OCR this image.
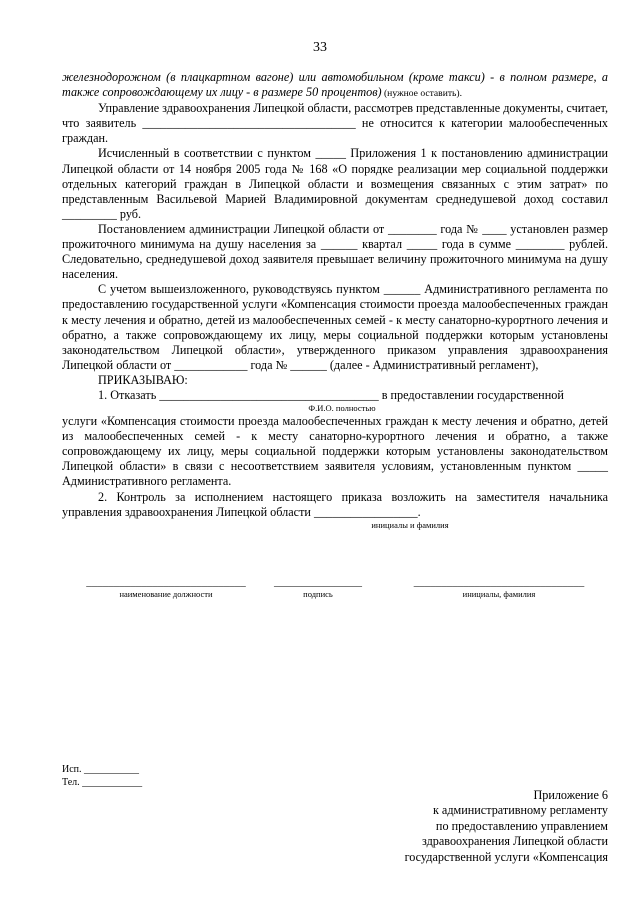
33

железнодорожном (в плацкартном вагоне) или автомобильном (кроме такси) - в полном размере, а также сопровождающему их лицу - в размере 50 процентов) (нужное оставить).

Управление здравоохранения Липецкой области, рассмотрев представленные документы, считает, что заявитель ___________________________________ не относится к категории малообеспеченных граждан.

Исчисленный в соответствии с пунктом _____ Приложения 1 к постановлению администрации Липецкой области от 14 ноября 2005 года № 168 «О порядке реализации мер социальной поддержки отдельных категорий граждан в Липецкой области и возмещения связанных с этим затрат» по представленным Васильевой Марией Владимировной документам среднедушевой доход составил _________ руб.

Постановлением администрации Липецкой области от ________ года № ____ установлен размер прожиточного минимума на душу населения за ______ квартал _____ года в сумме ________ рублей. Следовательно, среднедушевой доход заявителя превышает величину прожиточного минимума на душу населения.

С учетом вышеизложенного, руководствуясь пунктом ______ Административного регламента по предоставлению государственной услуги «Компенсация стоимости проезда малообеспеченных граждан к месту лечения и обратно, детей из малообеспеченных семей - к месту санаторно-курортного лечения и обратно, а также сопровождающему их лицу, меры социальной поддержки которым установлены законодательством Липецкой области», утвержденного приказом управления здравоохранения Липецкой области от ____________ года № ______ (далее - Административный регламент),

ПРИКАЗЫВАЮ:

1. Отказать ____________________________________ в предоставлении государственной

Ф.И.О. полностью

услуги «Компенсация стоимости проезда малообеспеченных граждан к месту лечения и обратно, детей из малообеспеченных семей - к месту санаторно-курортного лечения и обратно, а также сопровождающему их лицу, меры социальной поддержки которым установлены законодательством Липецкой области» в связи с несоответствием заявителя условиям, установленным пунктом _____ Административного регламента.

2. Контроль за исполнением настоящего приказа возложить на заместителя начальника управления здравоохранения Липецкой области _________________.

инициалы и фамилия
_____________________________
наименование должности
________________
подпись
_______________________________
инициалы, фамилия
Исп. ___________
Тел. ____________
Приложение 6
к административному регламенту
по предоставлению управлением
здравоохранения Липецкой области
государственной услуги «Компенсация
